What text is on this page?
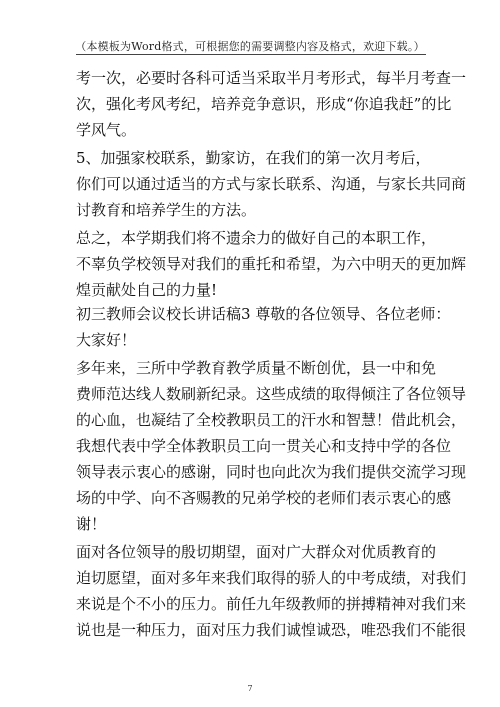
（本模板为Word格式，可根据您的需要调整内容及格式，欢迎下载。）
考一次，必要时各科可适当采取半月考形式，每半月考查一
次，强化考风考纪，培养竞争意识，形成“你追我赶”的比
学风气。
5、加强家校联系，勤家访，在我们的第一次月考后，
你们可以通过适当的方式与家长联系、沟通，与家长共同商
讨教育和培养学生的方法。
总之，本学期我们将不遗余力的做好自己的本职工作，
不辜负学校领导对我们的重托和希望，为六中明天的更加辉
煌贡献处自己的力量!
初三教师会议校长讲话稿3 尊敬的各位领导、各位老师：
大家好！
多年来，三所中学教育教学质量不断创优，县一中和免
费师范达线人数刷新纪录。这些成绩的取得倾注了各位领导
的心血，也凝结了全校教职员工的汗水和智慧！借此机会，
我想代表中学全体教职员工向一贯关心和支持中学的各位
领导表示衷心的感谢，同时也向此次为我们提供交流学习现
场的中学、向不吝赐教的兄弟学校的老师们表示衷心的感
谢！
面对各位领导的殷切期望，面对广大群众对优质教育的
迫切愿望，面对多年来我们取得的骄人的中考成绩，对我们
来说是个不小的压力。前任九年级教师的拼搏精神对我们来
说也是一种压力，面对压力我们诚惶诚恐，唯恐我们不能很
7
